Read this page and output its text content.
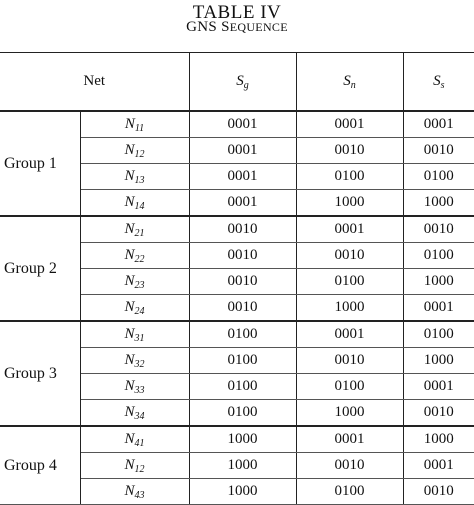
TABLE IV
GNS SEQUENCE
Net		$S_g$	$S_n$	$S_s$
Group 1	$N_{11}$	0001	0001	0001
	$N_{12}$	0001	0010	0010
	$N_{13}$	0001	0100	0100
	$N_{14}$	0001	1000	1000
Group 2	$N_{21}$	0010	0001	0010
	$N_{22}$	0010	0010	0100
	$N_{23}$	0010	0100	1000
	$N_{24}$	0010	1000	0001
Group 3	$N_{31}$	0100	0001	0100
	$N_{32}$	0100	0010	1000
	$N_{33}$	0100	0100	0001
	$N_{34}$	0100	1000	0010
Group 4	$N_{41}$	1000	0001	1000
	$N_{12}$	1000	0010	0001
	$N_{43}$	1000	0100	0010
